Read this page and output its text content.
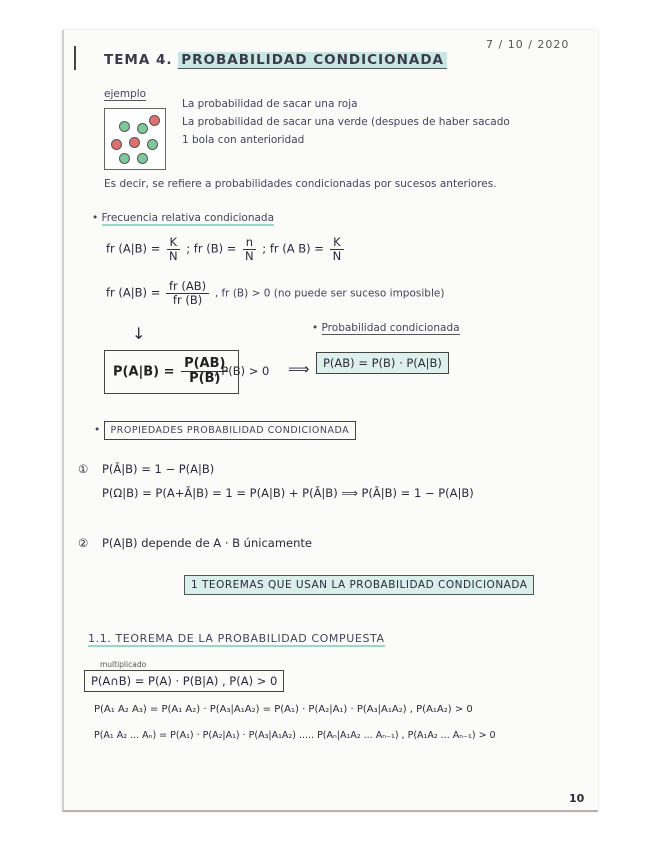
7 / 10 / 2020
TEMA 4. PROBABILIDAD CONDICIONADA
ejemplo
La probabilidad de sacar una roja
La probabilidad de sacar una verde (despues de haber sacado
1 bola con anterioridad
Es decir, se refiere a probabilidades condicionadas por sucesos anteriores.
• Frecuencia relativa condicionada
fr $(A|B) = \frac{K}{N}$ ; fr $(B) = \frac{n}{N}$ ; fr (A $B) = \frac{K}{N}$
fr $(A|B) = \frac{fr (AB)}{fr (B)}$ , fr (B) > 0 (no puede ser suceso imposible)
↓	• Probabilidad condicionada
$P(A|B) = \frac{P(AB)}{P(B)}$
, P(B) > 0 ⟹	P(AB) = P(B) · P(A|B)
• PROPIEDADES PROBABILIDAD CONDICIONADA
① P(Ā|B) = 1 − P(A|B)
P(Ω|B) = P(A+Ā|B) = 1 = P(A|B) + P(Ā|B) ⟹ P(Ā|B) = 1 − P(A|B)
② P(A|B) depende de A · B únicamente
1 TEOREMAS QUE USAN LA PROBABILIDAD CONDICIONADA
1.1. TEOREMA DE LA PROBABILIDAD COMPUESTA
multiplicado
P(A∩B) = P(A) · P(B|A) , P(A) > 0
P(A₁ A₂ A₃) = P(A₁ A₂) · P(A₃|A₁A₂) = P(A₁) · P(A₂|A₁) · P(A₃|A₁A₂) , P(A₁A₂) > 0
P(A₁ A₂ ... Aₙ) = P(A₁) · P(A₂|A₁) · P(A₃|A₁A₂) ..... P(Aₙ|A₁A₂ ... Aₙ₋₁) , P(A₁A₂ ... Aₙ₋₁) > 0
10
